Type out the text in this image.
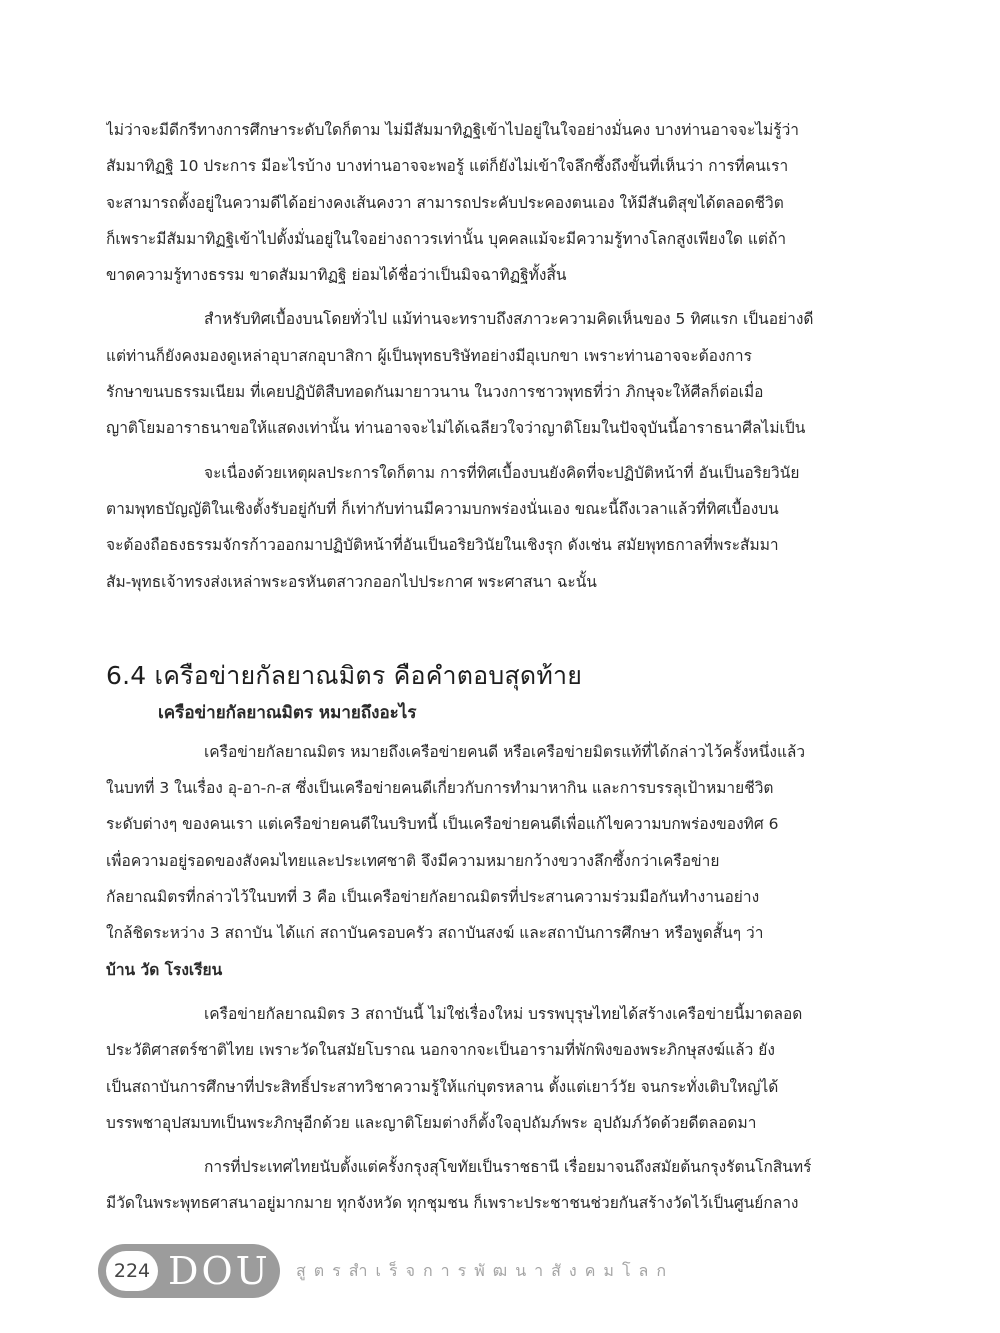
ไม่ว่าจะมีดีกรีทางการศึกษาระดับใดก็ตาม ไม่มีสัมมาทิฏฐิเข้าไปอยู่ในใจอย่างมั่นคง บางท่านอาจจะไม่รู้ว่า
สัมมาทิฏฐิ 10 ประการ มีอะไรบ้าง บางท่านอาจจะพอรู้ แต่ก็ยังไม่เข้าใจลึกซึ้งถึงขั้นที่เห็นว่า การที่คนเรา
จะสามารถตั้งอยู่ในความดีได้อย่างคงเส้นคงวา สามารถประคับประคองตนเอง ให้มีสันติสุขได้ตลอดชีวิต
ก็เพราะมีสัมมาทิฏฐิเข้าไปตั้งมั่นอยู่ในใจอย่างถาวรเท่านั้น บุคคลแม้จะมีความรู้ทางโลกสูงเพียงใด แต่ถ้า
ขาดความรู้ทางธรรม ขาดสัมมาทิฏฐิ ย่อมได้ชื่อว่าเป็นมิจฉาทิฏฐิทั้งสิ้น
สำหรับทิศเบื้องบนโดยทั่วไป แม้ท่านจะทราบถึงสภาวะความคิดเห็นของ 5 ทิศแรก เป็นอย่างดี
แต่ท่านก็ยังคงมองดูเหล่าอุบาสกอุบาสิกา ผู้เป็นพุทธบริษัทอย่างมีอุเบกขา เพราะท่านอาจจะต้องการ
รักษาขนบธรรมเนียม ที่เคยปฏิบัติสืบทอดกันมายาวนาน ในวงการชาวพุทธที่ว่า ภิกษุจะให้ศีลก็ต่อเมื่อ
ญาติโยมอาราธนาขอให้แสดงเท่านั้น ท่านอาจจะไม่ได้เฉลียวใจว่าญาติโยมในปัจจุบันนี้อาราธนาศีลไม่เป็น
จะเนื่องด้วยเหตุผลประการใดก็ตาม การที่ทิศเบื้องบนยังคิดที่จะปฏิบัติหน้าที่ อันเป็นอริยวินัย
ตามพุทธบัญญัติในเชิงตั้งรับอยู่กับที่ ก็เท่ากับท่านมีความบกพร่องนั่นเอง ขณะนี้ถึงเวลาแล้วที่ทิศเบื้องบน
จะต้องถือธงธรรมจักรก้าวออกมาปฏิบัติหน้าที่อันเป็นอริยวินัยในเชิงรุก ดังเช่น สมัยพุทธกาลที่พระสัมมา
สัม-พุทธเจ้าทรงส่งเหล่าพระอรหันตสาวกออกไปประกาศ พระศาสนา ฉะนั้น
6.4 เครือข่ายกัลยาณมิตร คือคำตอบสุดท้าย
เครือข่ายกัลยาณมิตร หมายถึงอะไร
เครือข่ายกัลยาณมิตร หมายถึงเครือข่ายคนดี หรือเครือข่ายมิตรแท้ที่ได้กล่าวไว้ครั้งหนึ่งแล้ว
ในบทที่ 3 ในเรื่อง อุ-อา-ก-ส ซึ่งเป็นเครือข่ายคนดีเกี่ยวกับการทำมาหากิน และการบรรลุเป้าหมายชีวิต
ระดับต่างๆ ของคนเรา แต่เครือข่ายคนดีในบริบทนี้ เป็นเครือข่ายคนดีเพื่อแก้ไขความบกพร่องของทิศ 6
เพื่อความอยู่รอดของสังคมไทยและประเทศชาติ จึงมีความหมายกว้างขวางลึกซึ้งกว่าเครือข่าย
กัลยาณมิตรที่กล่าวไว้ในบทที่ 3 คือ เป็นเครือข่ายกัลยาณมิตรที่ประสานความร่วมมือกันทำงานอย่าง
ใกล้ชิดระหว่าง 3 สถาบัน ได้แก่ สถาบันครอบครัว สถาบันสงฆ์ และสถาบันการศึกษา หรือพูดสั้นๆ ว่า
บ้าน วัด โรงเรียน
เครือข่ายกัลยาณมิตร 3 สถาบันนี้ ไม่ใช่เรื่องใหม่ บรรพบุรุษไทยได้สร้างเครือข่ายนี้มาตลอด
ประวัติศาสตร์ชาติไทย เพราะวัดในสมัยโบราณ นอกจากจะเป็นอารามที่พักพิงของพระภิกษุสงฆ์แล้ว ยัง
เป็นสถาบันการศึกษาที่ประสิทธิ์ประสาทวิชาความรู้ให้แก่บุตรหลาน ตั้งแต่เยาว์วัย จนกระทั่งเติบใหญ่ได้
บรรพชาอุปสมบทเป็นพระภิกษุอีกด้วย และญาติโยมต่างก็ตั้งใจอุปถัมภ์พระ อุปถัมภ์วัดด้วยดีตลอดมา
การที่ประเทศไทยนับตั้งแต่ครั้งกรุงสุโขทัยเป็นราชธานี เรื่อยมาจนถึงสมัยต้นกรุงรัตนโกสินทร์
มีวัดในพระพุทธศาสนาอยู่มากมาย ทุกจังหวัด ทุกชุมชน ก็เพราะประชาชนช่วยกันสร้างวัดไว้เป็นศูนย์กลาง
224 DOU สูตรสำเร็จการพัฒนาสังคมโลก
